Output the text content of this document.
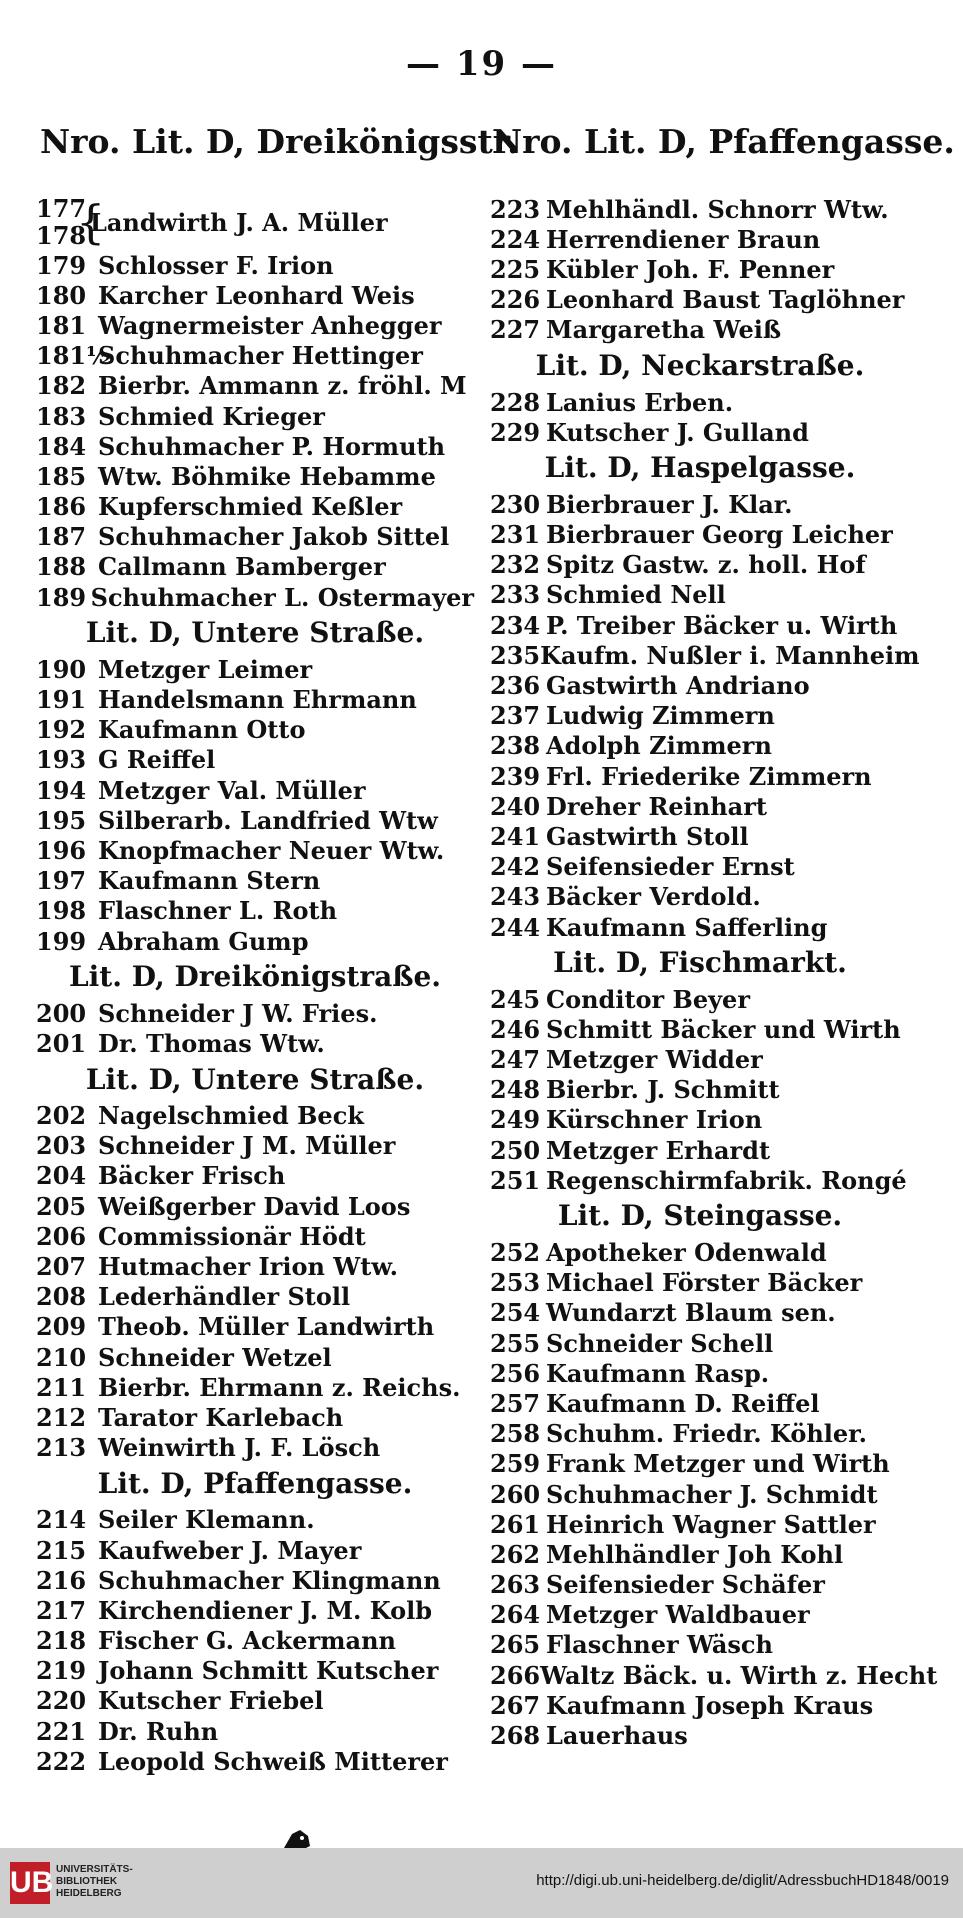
— 19 —
Nro. Lit. D, Dreikönigsstr.
177 178
{
Landwirth J. A. Müller
179 Schlosser F. Irion
180 Karcher Leonhard Weis
181 Wagnermeister Anhegger
181½
Schuhmacher Hettinger
182 Bierbr. Ammann z. fröhl. M
183 Schmied Krieger
184 Schuhmacher P. Hormuth
185 Wtw. Böhmike Hebamme
186 Kupferschmied Keßler
187 Schuhmacher Jakob Sittel
188 Callmann Bamberger
189 Schuhmacher L. Ostermayer
Lit. D, Untere Straße.
190 Metzger Leimer
191 Handelsmann Ehrmann
192 Kaufmann Otto
193 G Reiffel
194 Metzger Val. Müller
195 Silberarb. Landfried Wtw
196 Knopfmacher Neuer Wtw.
197 Kaufmann Stern
198 Flaschner L. Roth
199 Abraham Gump
Lit. D, Dreikönigstraße.
200 Schneider J W. Fries.
201 Dr. Thomas Wtw.
Lit. D, Untere Straße.
202 Nagelschmied Beck
203 Schneider J M. Müller
204 Bäcker Frisch
205 Weißgerber David Loos
206 Commissionär Hödt
207 Hutmacher Irion Wtw.
208 Lederhändler Stoll
209 Theob. Müller Landwirth
210 Schneider Wetzel
211 Bierbr. Ehrmann z. Reichs.
212 Tarator Karlebach
213 Weinwirth J. F. Lösch
Lit. D, Pfaffengasse.
214 Seiler Klemann.
215 Kaufweber J. Mayer
216 Schuhmacher Klingmann
217 Kirchendiener J. M. Kolb
218 Fischer G. Ackermann
219 Johann Schmitt Kutscher
220 Kutscher Friebel
221 Dr. Ruhn
222 Leopold Schweiß Mitterer
Nro. Lit. D, Pfaffengasse.
223 Mehlhändl. Schnorr Wtw.
224 Herrendiener Braun
225 Kübler Joh. F. Penner
226 Leonhard Baust Taglöhner
227 Margaretha Weiß
Lit. D, Neckarstraße.
228 Lanius Erben.
229 Kutscher J. Gulland
Lit. D, Haspelgasse.
230 Bierbrauer J. Klar.
231 Bierbrauer Georg Leicher
232 Spitz Gastw. z. holl. Hof
233 Schmied Nell
234 P. Treiber Bäcker u. Wirth
235 Kaufm. Nußler i. Mannheim
236 Gastwirth Andriano
237 Ludwig Zimmern
238 Adolph Zimmern
239 Frl. Friederike Zimmern
240 Dreher Reinhart
241 Gastwirth Stoll
242 Seifensieder Ernst
243 Bäcker Verdold.
244 Kaufmann Safferling
Lit. D, Fischmarkt.
245 Conditor Beyer
246 Schmitt Bäcker und Wirth
247 Metzger Widder
248 Bierbr. J. Schmitt
249 Kürschner Irion
250 Metzger Erhardt
251 Regenschirmfabrik. Rongé
Lit. D, Steingasse.
252 Apotheker Odenwald
253 Michael Förster Bäcker
254 Wundarzt Blaum sen.
255 Schneider Schell
256 Kaufmann Rasp.
257 Kaufmann D. Reiffel
258 Schuhm. Friedr. Köhler.
259 Frank Metzger und Wirth
260 Schuhmacher J. Schmidt
261 Heinrich Wagner Sattler
262 Mehlhändler Joh Kohl
263 Seifensieder Schäfer
264 Metzger Waldbauer
265 Flaschner Wäsch
266 Waltz Bäck. u. Wirth z. Hecht
267 Kaufmann Joseph Kraus
268 Lauerhaus
UB UNIVERSITÄTS-
BIBLIOTHEK
HEIDELBERG
http://digi.ub.uni-heidelberg.de/diglit/AdressbuchHD1848/0019
